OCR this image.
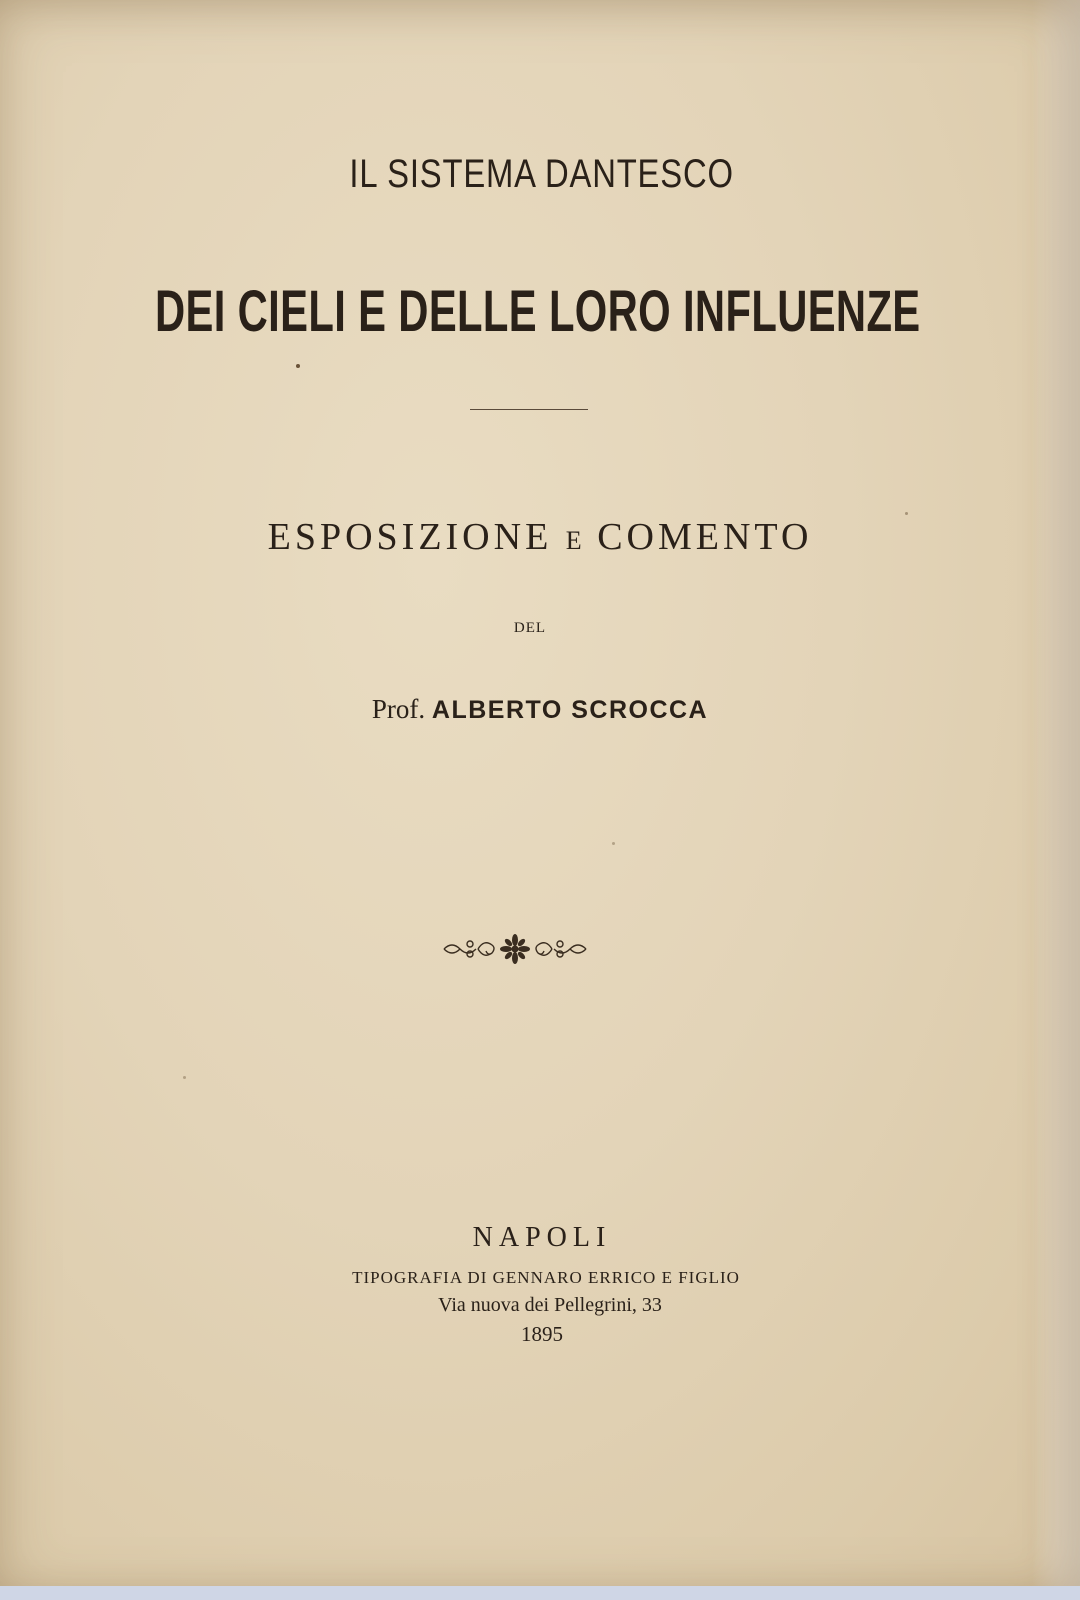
IL SISTEMA DANTESCO
DEI CIELI E DELLE LORO INFLUENZE
ESPOSIZIONE E COMENTO
DEL
Prof. ALBERTO SCROCCA
NAPOLI
TIPOGRAFIA DI GENNARO ERRICO E FIGLIO
Via nuova dei Pellegrini, 33
1895
